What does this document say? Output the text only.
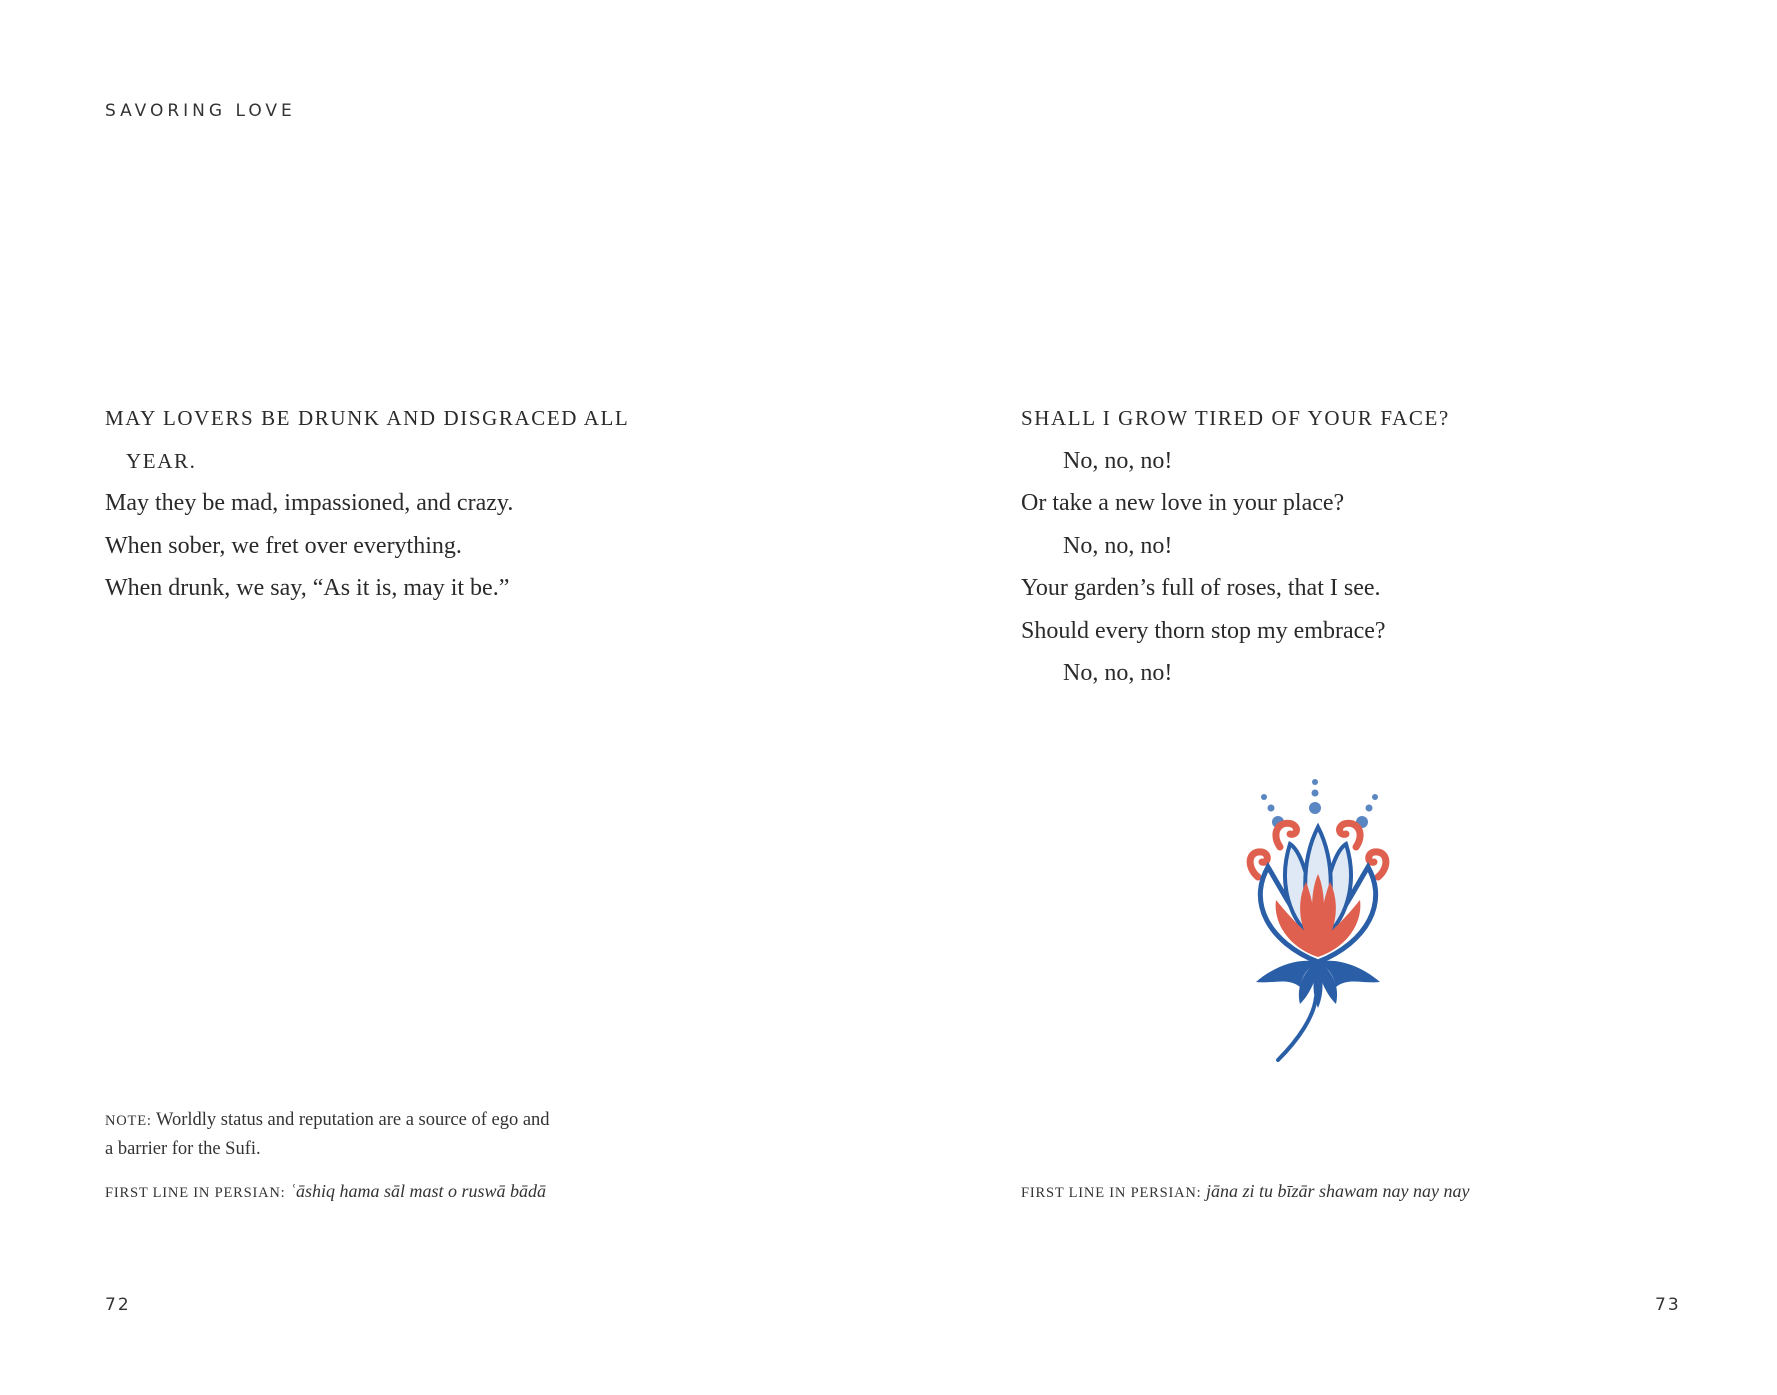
SAVORING LOVE
MAY LOVERS BE DRUNK AND DISGRACED ALL
YEAR.
May they be mad, impassioned, and crazy.
When sober, we fret over everything.
When drunk, we say, “As it is, may it be.”
SHALL I GROW TIRED OF YOUR FACE?
No, no, no!
Or take a new love in your place?
No, no, no!
Your garden’s full of roses, that I see.
Should every thorn stop my embrace?
No, no, no!
NOTE: Worldly status and reputation are a source of ego and
a barrier for the Sufi.
FIRST LINE IN PERSIAN: ʿāshiq hama sāl mast o ruswā bādā	FIRST LINE IN PERSIAN: jāna zi tu bīzār shawam nay nay nay
72	73
